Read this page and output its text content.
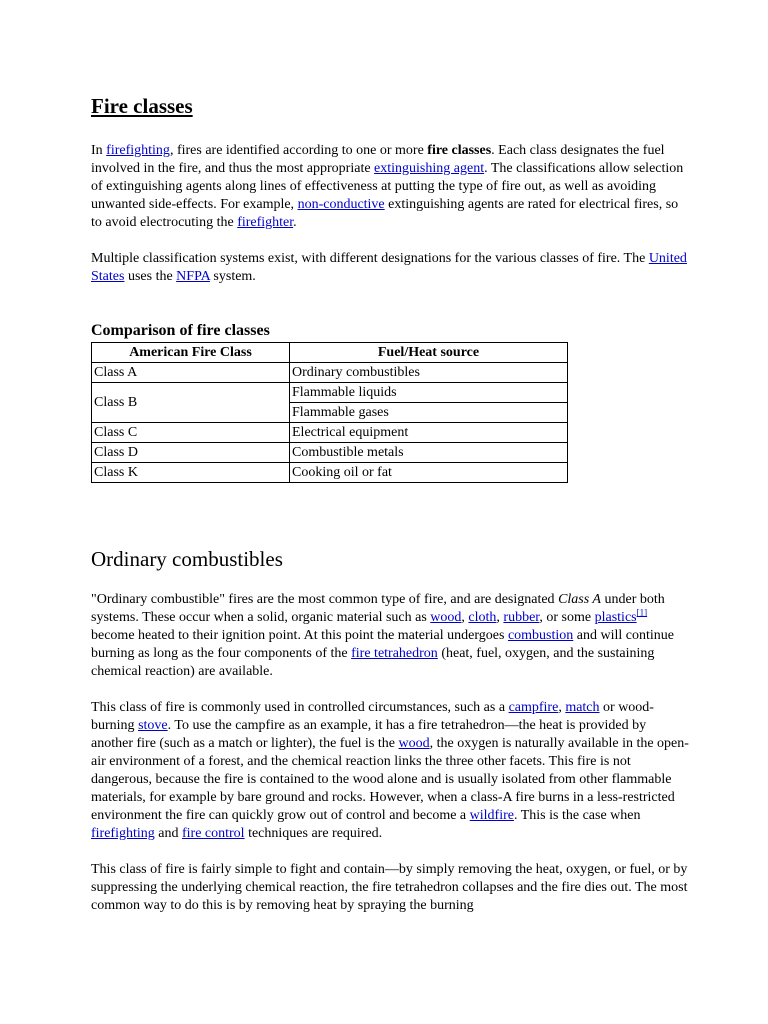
Fire classes

In firefighting, fires are identified according to one or more fire classes. Each class designates the fuel involved in the fire, and thus the most appropriate extinguishing agent. The classifications allow selection of extinguishing agents along lines of effectiveness at putting the type of fire out, as well as avoiding unwanted side-effects. For example, non-conductive extinguishing agents are rated for electrical fires, so to avoid electrocuting the firefighter.

Multiple classification systems exist, with different designations for the various classes of fire. The United States uses the NFPA system.

Comparison of fire classes
American Fire Class	Fuel/Heat source
Class A	Ordinary combustibles
Class B	Flammable liquids
	Flammable gases
Class C	Electrical equipment
Class D	Combustible metals
Class K	Cooking oil or fat
Ordinary combustibles

"Ordinary combustible" fires are the most common type of fire, and are designated Class A under both systems. These occur when a solid, organic material such as wood, cloth, rubber, or some plastics[1] become heated to their ignition point. At this point the material undergoes combustion and will continue burning as long as the four components of the fire tetrahedron (heat, fuel, oxygen, and the sustaining chemical reaction) are available.

This class of fire is commonly used in controlled circumstances, such as a campfire, match or wood-burning stove. To use the campfire as an example, it has a fire tetrahedron—the heat is provided by another fire (such as a match or lighter), the fuel is the wood, the oxygen is naturally available in the open-air environment of a forest, and the chemical reaction links the three other facets. This fire is not dangerous, because the fire is contained to the wood alone and is usually isolated from other flammable materials, for example by bare ground and rocks. However, when a class-A fire burns in a less-restricted environment the fire can quickly grow out of control and become a wildfire. This is the case when firefighting and fire control techniques are required.

This class of fire is fairly simple to fight and contain—by simply removing the heat, oxygen, or fuel, or by suppressing the underlying chemical reaction, the fire tetrahedron collapses and the fire dies out. The most common way to do this is by removing heat by spraying the burning
